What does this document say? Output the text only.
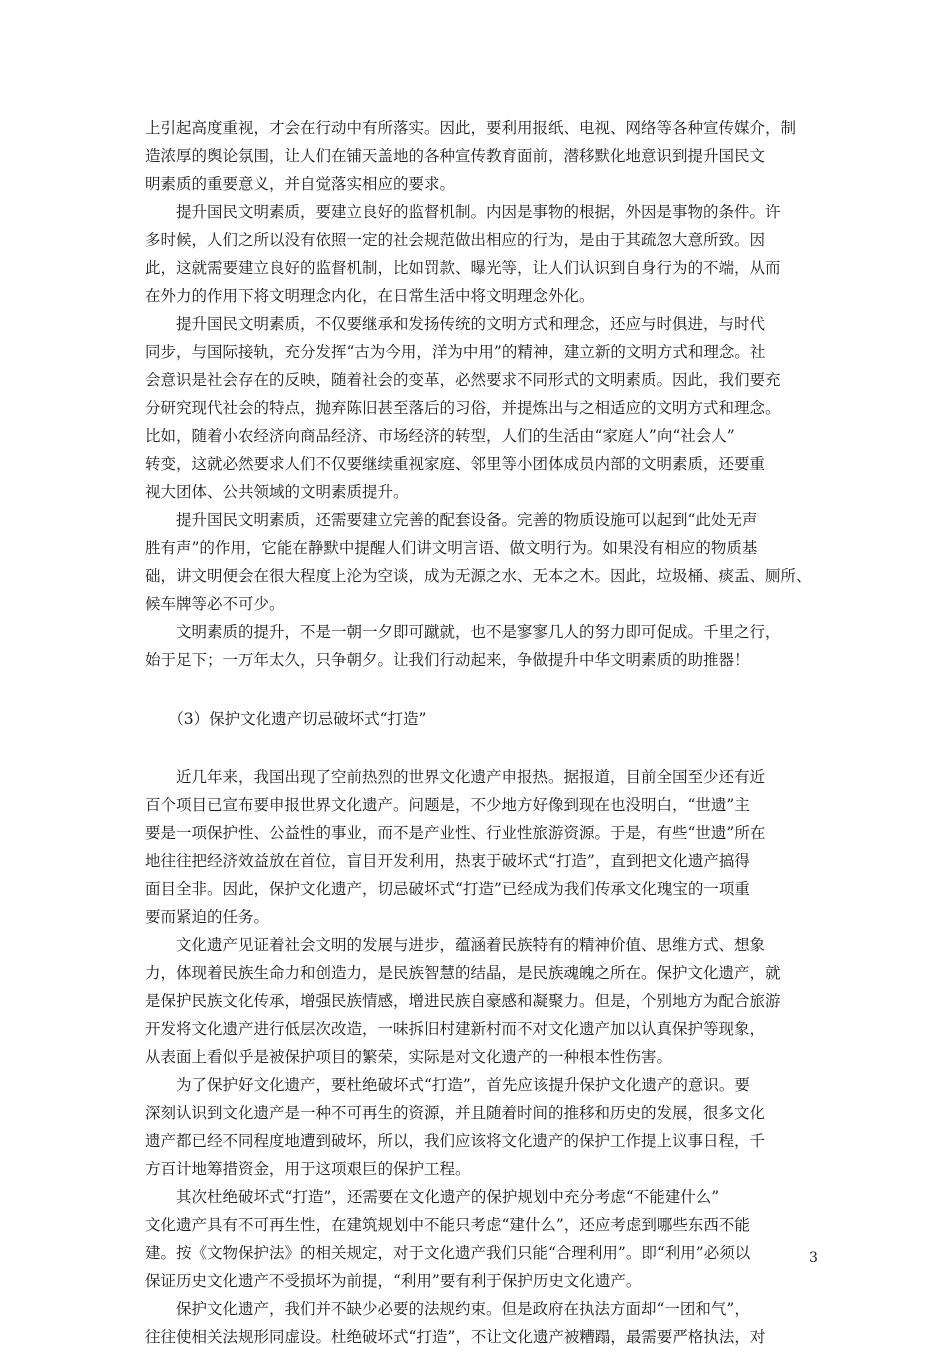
上引起高度重视，才会在行动中有所落实。因此，要利用报纸、电视、网络等各种宣传媒介，制
造浓厚的舆论氛围，让人们在铺天盖地的各种宣传教育面前，潜移默化地意识到提升国民文
明素质的重要意义，并自觉落实相应的要求。
　　提升国民文明素质，要建立良好的监督机制。内因是事物的根据，外因是事物的条件。许
多时候，人们之所以没有依照一定的社会规范做出相应的行为，是由于其疏忽大意所致。因
此，这就需要建立良好的监督机制，比如罚款、曝光等，让人们认识到自身行为的不端，从而
在外力的作用下将文明理念内化，在日常生活中将文明理念外化。
　　提升国民文明素质，不仅要继承和发扬传统的文明方式和理念，还应与时俱进，与时代
同步，与国际接轨，充分发挥“古为今用，洋为中用”的精神，建立新的文明方式和理念。社
会意识是社会存在的反映，随着社会的变革，必然要求不同形式的文明素质。因此，我们要充
分研究现代社会的特点，抛弃陈旧甚至落后的习俗，并提炼出与之相适应的文明方式和理念。
比如，随着小农经济向商品经济、市场经济的转型，人们的生活由“家庭人”向“社会人”
转变，这就必然要求人们不仅要继续重视家庭、邻里等小团体成员内部的文明素质，还要重
视大团体、公共领域的文明素质提升。
　　提升国民文明素质，还需要建立完善的配套设备。完善的物质设施可以起到“此处无声
胜有声”的作用，它能在静默中提醒人们讲文明言语、做文明行为。如果没有相应的物质基
础，讲文明便会在很大程度上沦为空谈，成为无源之水、无本之木。因此，垃圾桶、痰盂、厕所、
候车牌等必不可少。
　　文明素质的提升，不是一朝一夕即可蹴就，也不是寥寥几人的努力即可促成。千里之行，
始于足下；一万年太久，只争朝夕。让我们行动起来，争做提升中华文明素质的助推器！
　　（3）保护文化遗产切忌破坏式“打造”
　　近几年来，我国出现了空前热烈的世界文化遗产申报热。据报道，目前全国至少还有近
百个项目已宣布要申报世界文化遗产。问题是，不少地方好像到现在也没明白，“世遗”主
要是一项保护性、公益性的事业，而不是产业性、行业性旅游资源。于是，有些“世遗”所在
地往往把经济效益放在首位，盲目开发利用，热衷于破坏式“打造”，直到把文化遗产搞得
面目全非。因此，保护文化遗产，切忌破坏式“打造”已经成为我们传承文化瑰宝的一项重
要而紧迫的任务。
　　文化遗产见证着社会文明的发展与进步，蕴涵着民族特有的精神价值、思维方式、想象
力，体现着民族生命力和创造力，是民族智慧的结晶，是民族魂魄之所在。保护文化遗产，就
是保护民族文化传承，增强民族情感，增进民族自豪感和凝聚力。但是，个别地方为配合旅游
开发将文化遗产进行低层次改造，一味拆旧村建新村而不对文化遗产加以认真保护等现象，
从表面上看似乎是被保护项目的繁荣，实际是对文化遗产的一种根本性伤害。
　　为了保护好文化遗产，要杜绝破坏式“打造”，首先应该提升保护文化遗产的意识。要
深刻认识到文化遗产是一种不可再生的资源，并且随着时间的推移和历史的发展，很多文化
遗产都已经不同程度地遭到破坏，所以，我们应该将文化遗产的保护工作提上议事日程，千
方百计地筹措资金，用于这项艰巨的保护工程。
　　其次杜绝破坏式“打造”，还需要在文化遗产的保护规划中充分考虑“不能建什么”
文化遗产具有不可再生性，在建筑规划中不能只考虑“建什么”，还应考虑到哪些东西不能
建。按《文物保护法》的相关规定，对于文化遗产我们只能“合理利用”。即“利用”必须以
保证历史文化遗产不受损坏为前提，“利用”要有利于保护历史文化遗产。
　　保护文化遗产，我们并不缺少必要的法规约束。但是政府在执法方面却“一团和气”，
往往使相关法规形同虚设。杜绝破坏式“打造”，不让文化遗产被糟蹋，最需要严格执法，对
3
